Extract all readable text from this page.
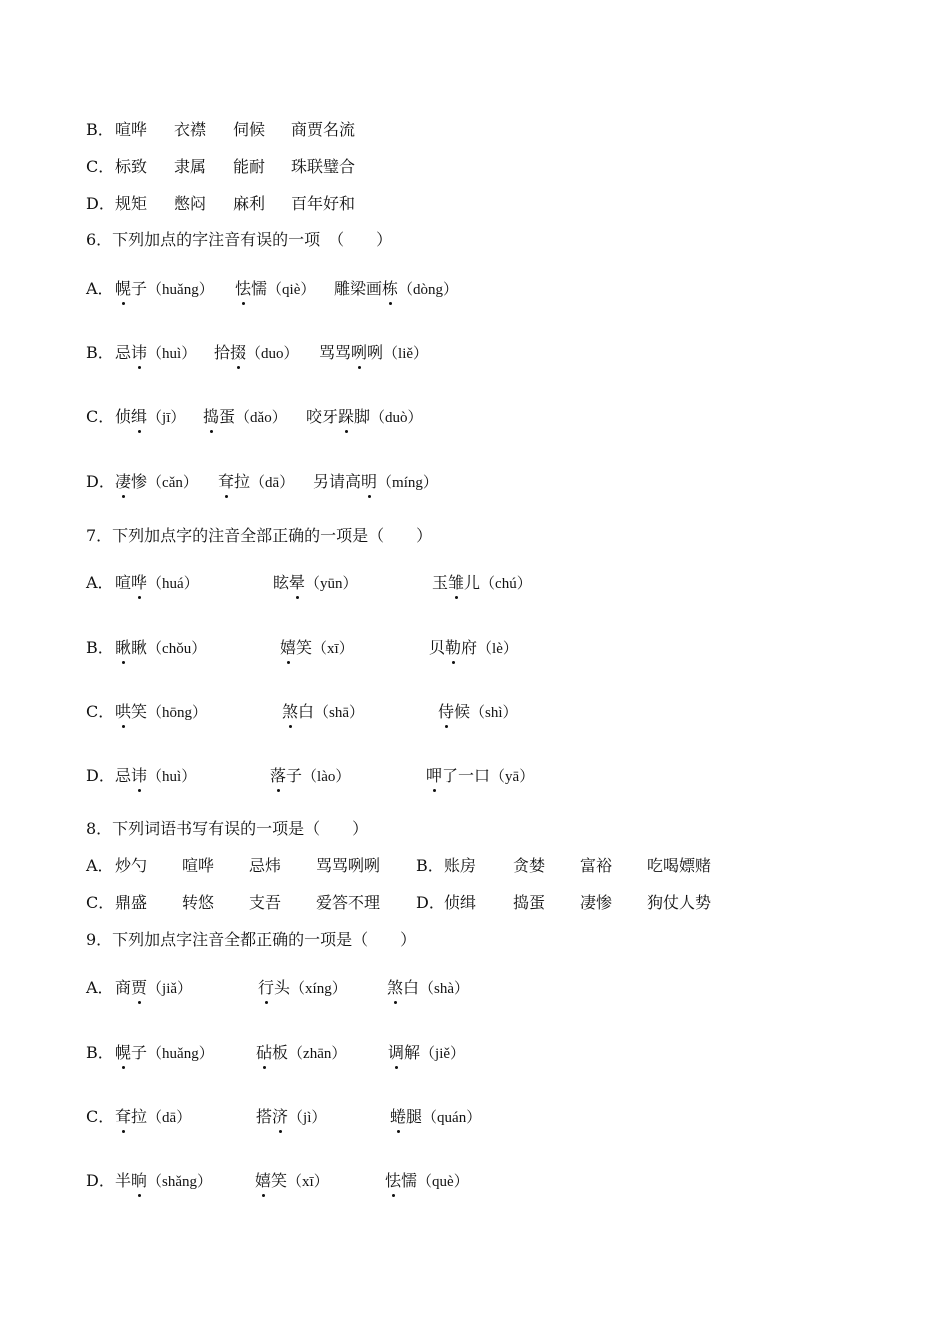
B． 喧哗 衣襟 伺候 商贾名流
C． 标致 隶属 能耐 珠联璧合
D． 规矩 憋闷 麻利 百年好和
6．下列加点的字注音有误的一项　（　　）
A． 幌子（huǎng） 怯懦（qiè） 雕梁画栋（dòng）
B． 忌讳（huì） 拾掇（duo） 骂骂咧咧（liě）
C． 侦缉（jī） 捣蛋（dǎo） 咬牙跺脚（duò）
D． 凄惨（cǎn） 耷拉（dā） 另请高明（míng）
7．下列加点字的注音全部正确的一项是（　　）
A． 喧哗（huá）	眩晕（yūn）	玉雏儿（chú）
B． 瞅瞅（chǒu）	嬉笑（xī）	贝勒府（lè）
C． 哄笑（hōng）	煞白（shā）	侍候（shì）
D． 忌讳（huì）	落子（lào）	呷了一口（yā）
8．下列词语书写有误的一项是（　　）
A． 炒勺 喧哗 忌炜 骂骂咧咧 B． 账房 贪婪 富裕 吃喝嫖赌
C． 鼎盛 转悠 支吾 爱答不理 D． 侦缉 捣蛋 凄惨 狗仗人势
9．下列加点字注音全都正确的一项是（　　）
A． 商贾（jiǎ）	行头（xíng）	煞白（shà）
B． 幌子（huǎng）	砧板（zhān）	调解（jiě）
C． 耷拉（dā）	搭济（jì）	蜷腿（quán）
D． 半晌（shǎng）	嬉笑（xī）	怯懦（què）
